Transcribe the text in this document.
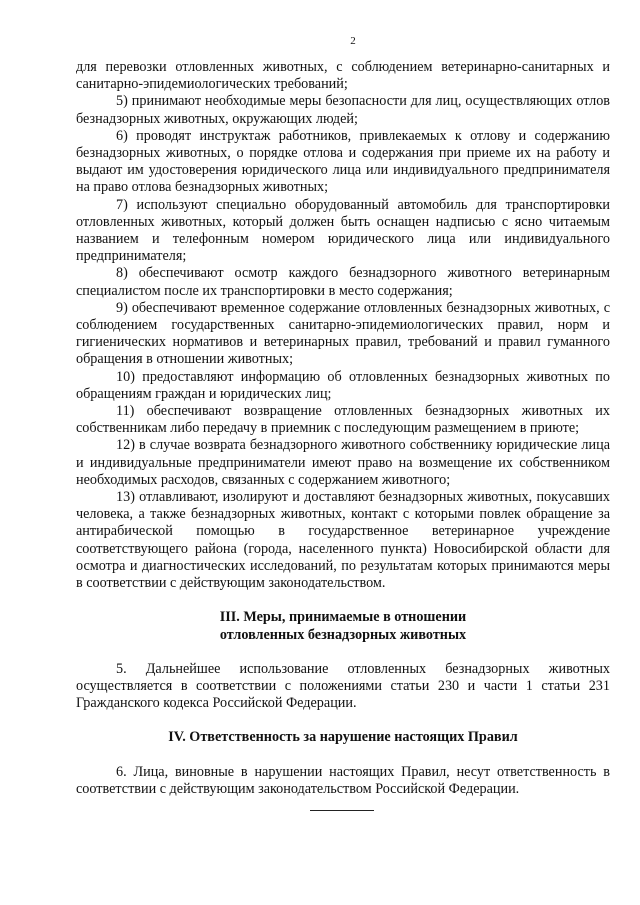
2

для перевозки отловленных животных, с соблюдением ветеринарно-санитарных и санитарно-эпидемиологических требований;

5) принимают необходимые меры безопасности для лиц, осуществляющих отлов безнадзорных животных, окружающих людей;

6) проводят инструктаж работников, привлекаемых к отлову и содержанию безнадзорных животных, о порядке отлова и содержания при приеме их на работу и выдают им удостоверения юридического лица или индивидуального предпринимателя на право отлова безнадзорных животных;

7) используют специально оборудованный автомобиль для транспортировки отловленных животных, который должен быть оснащен надписью с ясно читаемым названием и телефонным номером юридического лица или индивидуального предпринимателя;

8) обеспечивают осмотр каждого безнадзорного животного ветеринарным специалистом после их транспортировки в место содержания;

9) обеспечивают временное содержание отловленных безнадзорных животных, с соблюдением государственных санитарно-эпидемиологических правил, норм и гигиенических нормативов и ветеринарных правил, требований и правил гуманного обращения в отношении животных;

10) предоставляют информацию об отловленных безнадзорных животных по обращениям граждан и юридических лиц;

11) обеспечивают возвращение отловленных безнадзорных животных их собственникам либо передачу в приемник с последующим размещением в приюте;

12) в случае возврата безнадзорного животного собственнику юридические лица и индивидуальные предприниматели имеют право на возмещение их собственником необходимых расходов, связанных с содержанием животного;

13) отлавливают, изолируют и доставляют безнадзорных животных, покусавших человека, а также безнадзорных животных, контакт с которыми повлек обращение за антирабической помощью в государственное ветеринарное учреждение соответствующего района (города, населенного пункта) Новосибирской области для осмотра и диагностических исследований, по результатам которых принимаются меры в соответствии с действующим законодательством.

III. Меры, принимаемые в отношении
отловленных безнадзорных животных

5. Дальнейшее использование отловленных безнадзорных животных осуществляется в соответствии с положениями статьи 230 и части 1 статьи 231 Гражданского кодекса Российской Федерации.

IV. Ответственность за нарушение настоящих Правил

6. Лица, виновные в нарушении настоящих Правил, несут ответственность в соответствии с действующим законодательством Российской Федерации.
